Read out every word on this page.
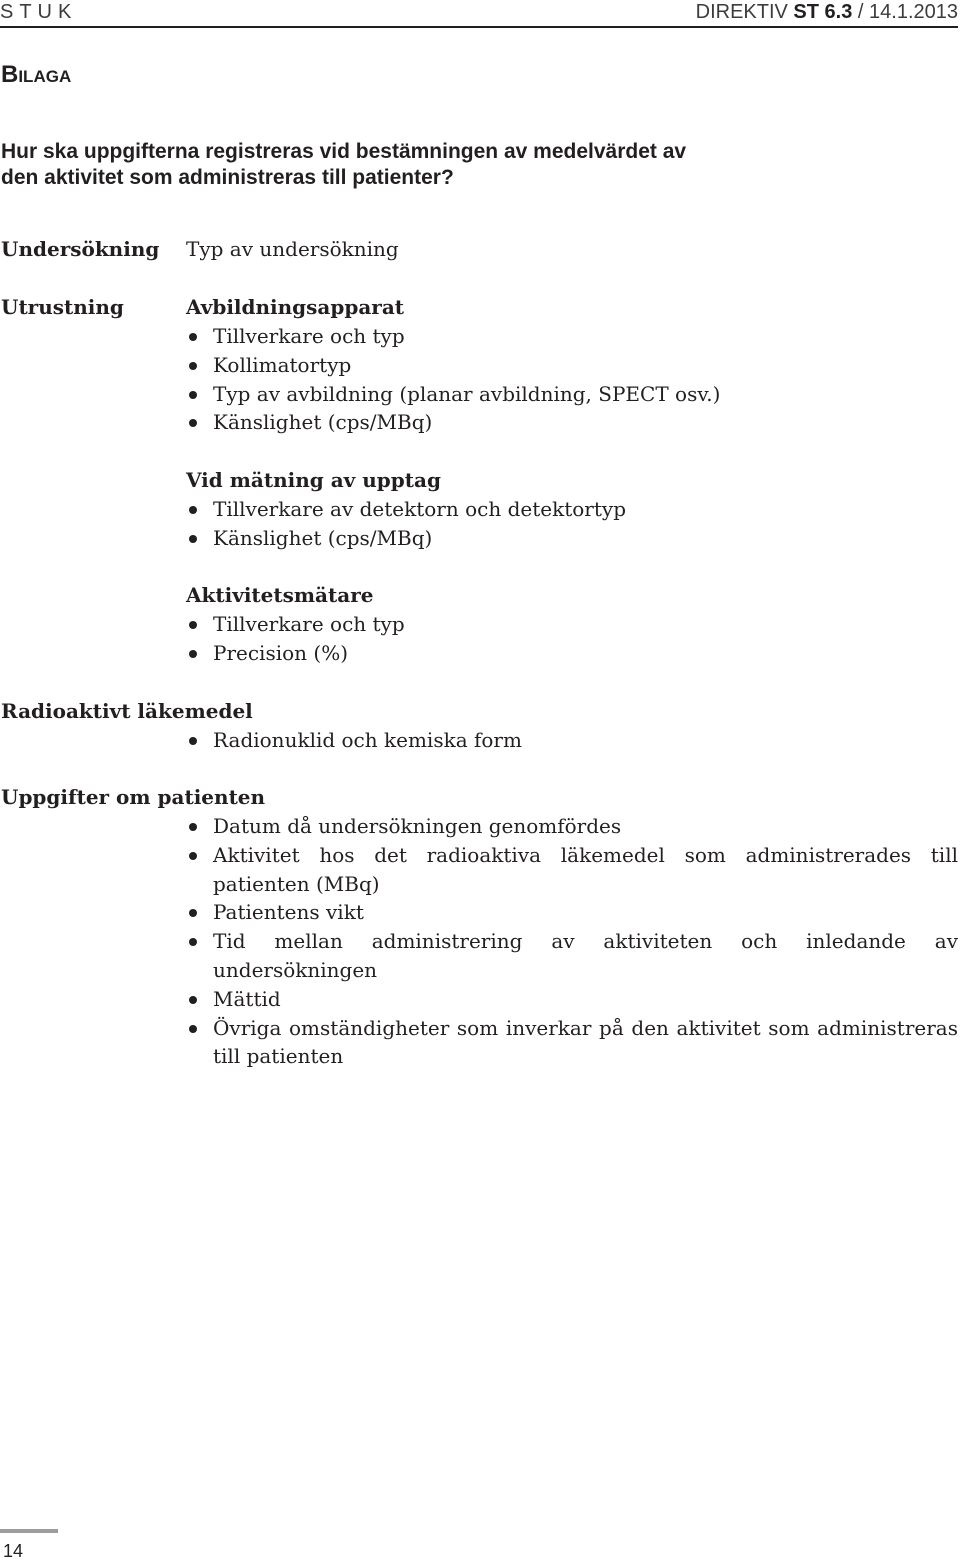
STUK	DIREKTIV ST 6.3 / 14.1.2013
Bilaga
Hur ska uppgifterna registreras vid bestämningen av medelvärdet av den aktivitet som administreras till patienter?
Undersökning Typ av undersökning
Utrustning	Avbildningsapparat
Tillverkare och typ
Kollimatortyp
Typ av avbildning (planar avbildning, SPECT osv.)
Känslighet (cps/MBq)
Vid mätning av upptag
Tillverkare av detektorn och detektortyp
Känslighet (cps/MBq)
Aktivitetsmätare
Tillverkare och typ
Precision (%)
Radioaktivt läkemedel
Radionuklid och kemiska form
Uppgifter om patienten
Datum då undersökningen genomfördes
Aktivitet hos det radioaktiva läkemedel som administrerades till patienten (MBq)
Patientens vikt
Tid mellan administrering av aktiviteten och inledande av undersökningen
Mättid
Övriga omständigheter som inverkar på den aktivitet som administreras till patienten
14
